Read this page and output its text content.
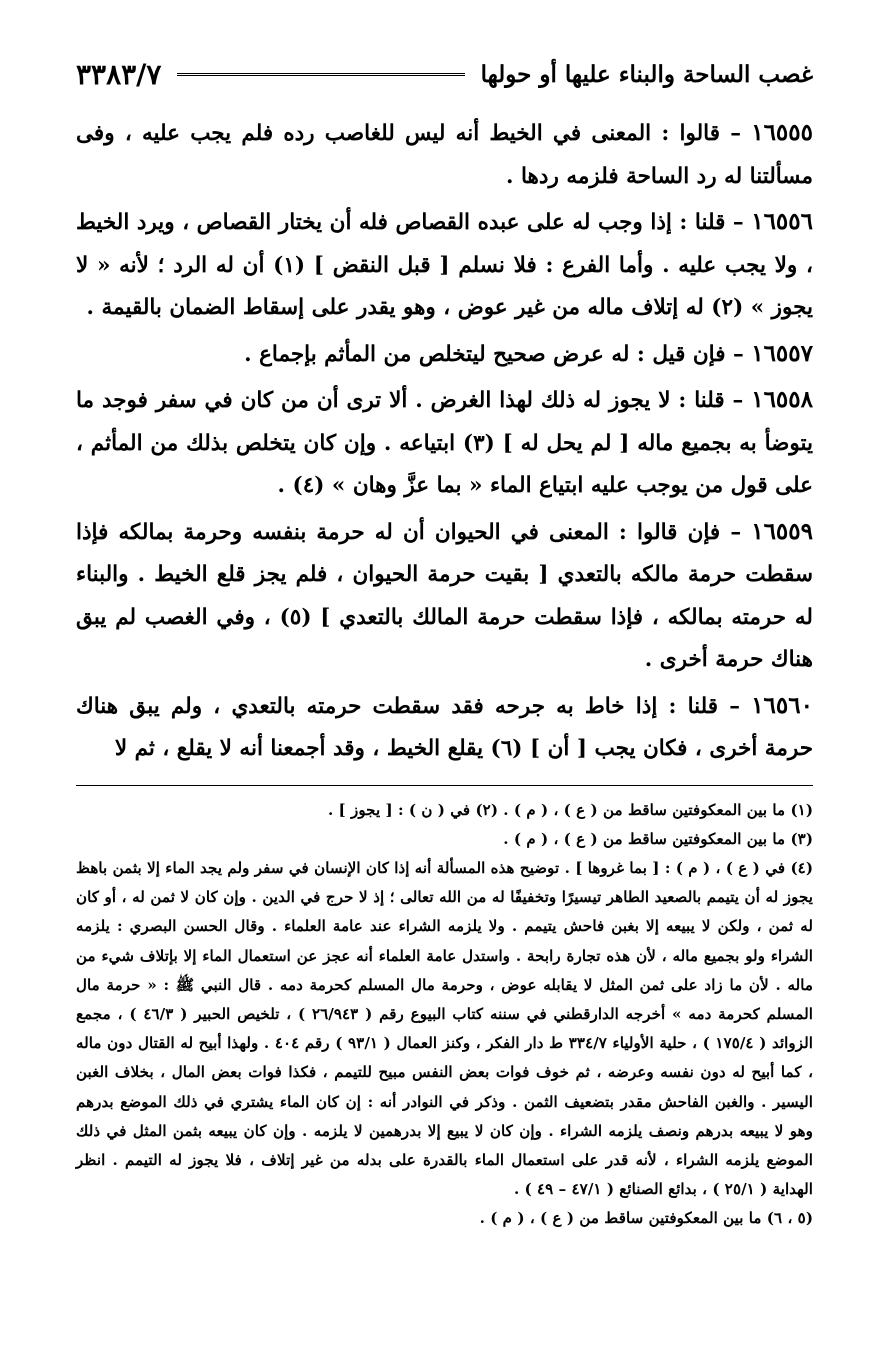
غصب الساحة والبناء عليها أو حولها
٣٣٨٣/٧

١٦٥٥٥ – قالوا : المعنى في الخيط أنه ليس للغاصب رده فلم يجب عليه ، وفى مسألتنا له رد الساحة فلزمه ردها .

١٦٥٥٦ – قلنا : إذا وجب له على عبده القصاص فله أن يختار القصاص ، ويرد الخيط ، ولا يجب عليه . وأما الفرع : فلا نسلم [ قبل النقض ] (١) أن له الرد ؛ لأنه « لا يجوز » (٢) له إتلاف ماله من غير عوض ، وهو يقدر على إسقاط الضمان بالقيمة .

١٦٥٥٧ – فإن قيل : له عرض صحيح ليتخلص من المأثم بإجماع .

١٦٥٥٨ – قلنا : لا يجوز له ذلك لهذا الغرض . ألا ترى أن من كان في سفر فوجد ما يتوضأ به بجميع ماله [ لم يحل له ] (٣) ابتياعه . وإن كان يتخلص بذلك من المأثم ، على قول من يوجب عليه ابتياع الماء « بما عزَّ وهان » (٤) .

١٦٥٥٩ – فإن قالوا : المعنى في الحيوان أن له حرمة بنفسه وحرمة بمالكه فإذا سقطت حرمة مالكه بالتعدي [ بقيت حرمة الحيوان ، فلم يجز قلع الخيط . والبناء له حرمته بمالكه ، فإذا سقطت حرمة المالك بالتعدي ] (٥) ، وفي الغصب لم يبق هناك حرمة أخرى .

١٦٥٦٠ – قلنا : إذا خاط به جرحه فقد سقطت حرمته بالتعدي ، ولم يبق هناك حرمة أخرى ، فكان يجب [ أن ] (٦) يقلع الخيط ، وقد أجمعنا أنه لا يقلع ، ثم لا

(١) ما بين المعكوفتين ساقط من ( ع ) ، ( م ) . (٢) في ( ن ) : [ يجوز ] .

(٣) ما بين المعكوفتين ساقط من ( ع ) ، ( م ) .

(٤) في ( ع ) ، ( م ) : [ بما غروها ] . توضيح هذه المسألة أنه إذا كان الإنسان في سفر ولم يجد الماء إلا بثمن باهظ يجوز له أن يتيمم بالصعيد الطاهر تيسيرًا وتخفيفًا له من الله تعالى ؛ إذ لا حرج في الدين . وإن كان لا ثمن له ، أو كان له ثمن ، ولكن لا يبيعه إلا بغبن فاحش يتيمم . ولا يلزمه الشراء عند عامة العلماء . وقال الحسن البصري : يلزمه الشراء ولو بجميع ماله ، لأن هذه تجارة رابحة . واستدل عامة العلماء أنه عجز عن استعمال الماء إلا بإتلاف شيء من ماله . لأن ما زاد على ثمن المثل لا يقابله عوض ، وحرمة مال المسلم كحرمة دمه . قال النبي ﷺ : « حرمة مال المسلم كحرمة دمه » أخرجه الدارقطني في سننه كتاب البيوع رقم ( ٢٦/٩٤٣ ) ، تلخيص الحبير ( ٤٦/٣ ) ، مجمع الزوائد ( ١٧٥/٤ ) ، حلية الأولياء ٣٣٤/٧ ط دار الفكر ، وكنز العمال ( ٩٣/١ ) رقم ٤٠٤ . ولهذا أبيح له القتال دون ماله ، كما أبيح له دون نفسه وعرضه ، ثم خوف فوات بعض النفس مبيح للتيمم ، فكذا فوات بعض المال ، بخلاف الغبن اليسير . والغبن الفاحش مقدر بتضعيف الثمن . وذكر في النوادر أنه : إن كان الماء يشتري في ذلك الموضع بدرهم وهو لا يبيعه بدرهم ونصف يلزمه الشراء . وإن كان لا يبيع إلا بدرهمين لا يلزمه . وإن كان يبيعه بثمن المثل في ذلك الموضع يلزمه الشراء ، لأنه قدر على استعمال الماء بالقدرة على بدله من غير إتلاف ، فلا يجوز له التيمم . انظر الهداية ( ٢٥/١ ) ، بدائع الصنائع ( ٤٧/١ – ٤٩ ) .

(٥ ، ٦) ما بين المعكوفتين ساقط من ( ع ) ، ( م ) .
